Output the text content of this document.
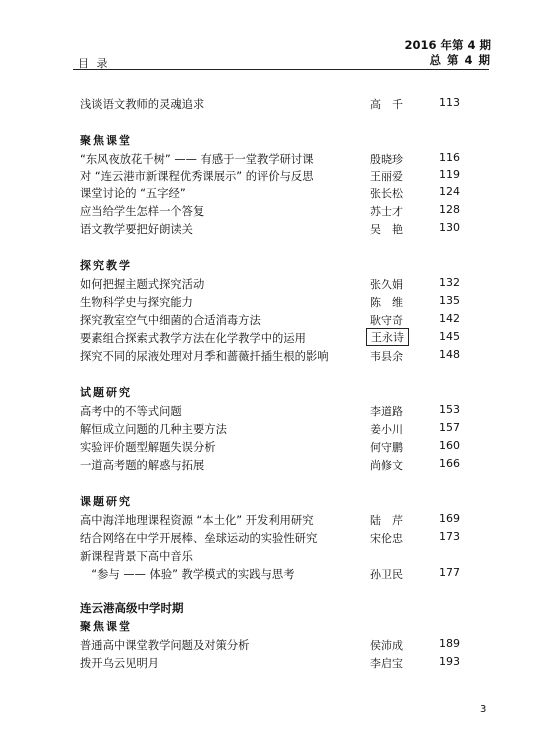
2016 年第 4 期
总 第 4 期
目 录
浅谈语文教师的灵魂追求	高　千	113
聚焦课堂
“东风夜放花千树” —— 有感于一堂教学研讨课	殷晓珍	116
对 “连云港市新课程优秀课展示” 的评价与反思	王丽爱	119
课堂讨论的 “五字经”	张长松	124
应当给学生怎样一个答复	苏士才	128
语文教学要把好朗读关	吴　艳	130
探究教学
如何把握主题式探究活动	张久娟	132
生物科学史与探究能力	陈　维	135
探究教室空气中细菌的合适消毒方法	耿守奇	142
要素组合探索式教学方法在化学教学中的运用	王永诗	145
探究不同的尿液处理对月季和蔷薇扦插生根的影响	韦县余	148
试题研究
高考中的不等式问题	李道路	153
解恒成立问题的几种主要方法	姜小川	157
实验评价题型解题失误分析	何守鹏	160
一道高考题的解惑与拓展	尚修文	166
课题研究
高中海洋地理课程资源 “本土化” 开发利用研究	陆　芹	169
结合网络在中学开展棒、垒球运动的实验性研究	宋伦忠	173
新课程背景下高中音乐
　“参与 —— 体验” 教学模式的实践与思考	孙卫民	177
连云港高级中学时期
聚焦课堂
普通高中课堂教学问题及对策分析	侯沛成	189
拨开乌云见明月	李启宝	193
3
